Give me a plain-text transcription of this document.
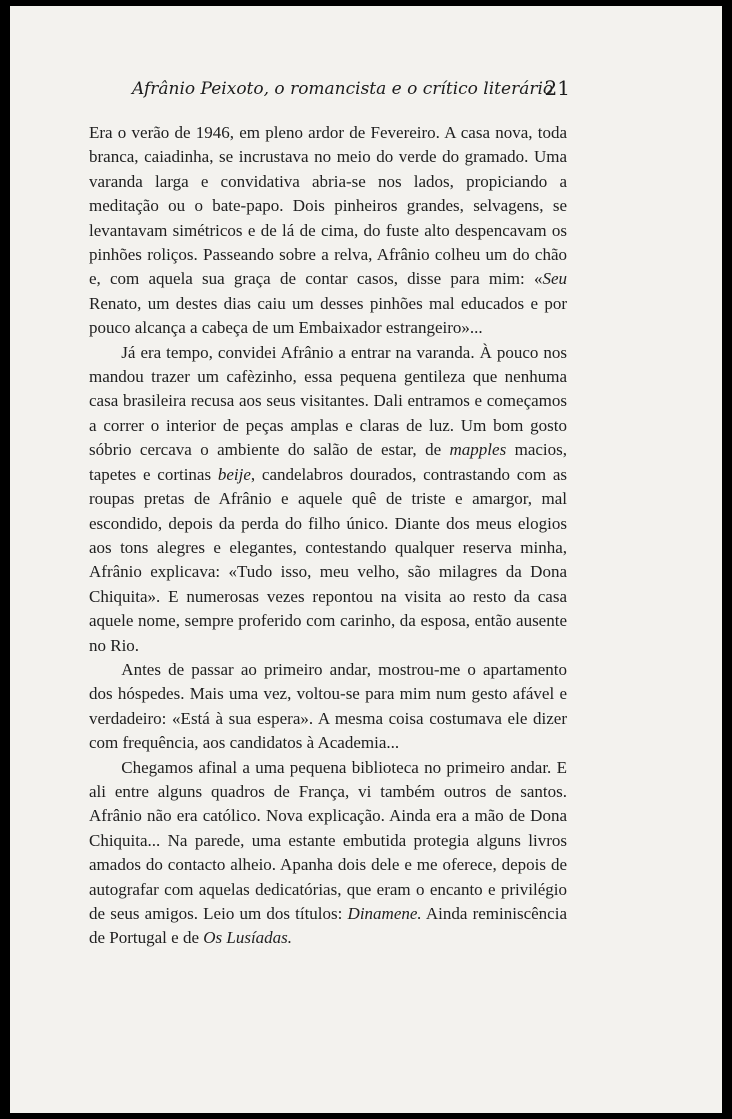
Afrânio Peixoto, o romancista e o crítico literário
21

Era o verão de 1946, em pleno ardor de Fevereiro. A casa nova, toda branca, caiadinha, se incrustava no meio do verde do gramado. Uma varanda larga e convidativa abria-se nos lados, propiciando a meditação ou o bate-papo. Dois pinheiros grandes, selvagens, se levantavam simétricos e de lá de cima, do fuste alto despencavam os pinhões roliços. Passeando sobre a relva, Afrânio colheu um do chão e, com aquela sua graça de contar casos, disse para mim: «Seu Renato, um destes dias caiu um desses pinhões mal educados e por pouco alcança a cabeça de um Embaixador estrangeiro»...

Já era tempo, convidei Afrânio a entrar na varanda. À pouco nos mandou trazer um cafèzinho, essa pequena gentileza que nenhuma casa brasileira recusa aos seus visitantes. Dali entramos e começamos a correr o interior de peças amplas e claras de luz. Um bom gosto sóbrio cercava o ambiente do salão de estar, de mapples macios, tapetes e cortinas beije, candelabros dourados, contrastando com as roupas pretas de Afrânio e aquele quê de triste e amargor, mal escondido, depois da perda do filho único. Diante dos meus elogios aos tons alegres e elegantes, contestando qualquer reserva minha, Afrânio explicava: «Tudo isso, meu velho, são milagres da Dona Chiquita». E numerosas vezes repontou na visita ao resto da casa aquele nome, sempre proferido com carinho, da esposa, então ausente no Rio.

Antes de passar ao primeiro andar, mostrou-me o apartamento dos hóspedes. Mais uma vez, voltou-se para mim num gesto afável e verdadeiro: «Está à sua espera». A mesma coisa costumava ele dizer com frequência, aos candidatos à Academia...

Chegamos afinal a uma pequena biblioteca no primeiro andar. E ali entre alguns quadros de França, vi também outros de santos. Afrânio não era católico. Nova explicação. Ainda era a mão de Dona Chiquita... Na parede, uma estante embutida protegia alguns livros amados do contacto alheio. Apanha dois dele e me oferece, depois de autografar com aquelas dedicatórias, que eram o encanto e privilégio de seus amigos. Leio um dos títulos: Dinamene. Ainda reminiscência de Portugal e de Os Lusíadas.
